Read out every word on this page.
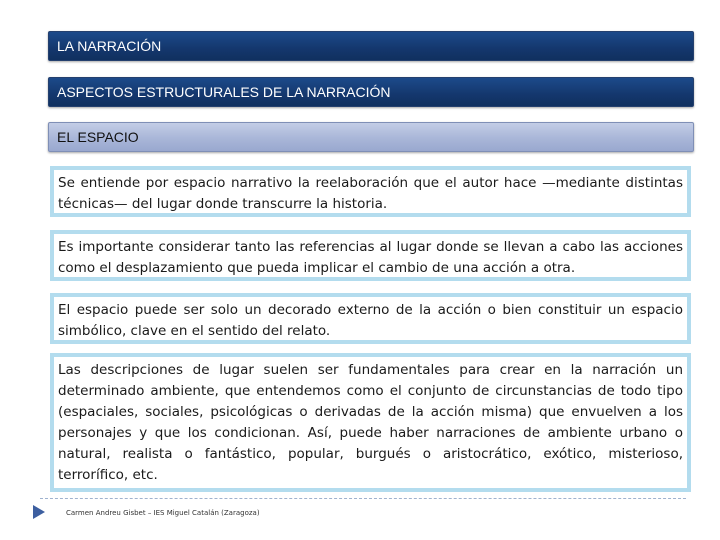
LA NARRACIÓN
ASPECTOS ESTRUCTURALES DE LA NARRACIÓN
EL ESPACIO
Se entiende por espacio narrativo la reelaboración que el autor hace —mediante distintas técnicas— del lugar donde transcurre la historia.
Es importante considerar tanto las referencias al lugar donde se llevan a cabo las acciones como el desplazamiento que pueda implicar el cambio de una acción a otra.
El espacio puede ser solo un decorado externo de la acción o bien constituir un espacio simbólico, clave en el sentido del relato.
Las descripciones de lugar suelen ser fundamentales para crear en la narración un determinado ambiente, que entendemos como el conjunto de circunstancias de todo tipo (espaciales, sociales, psicológicas o derivadas de la acción misma) que envuelven a los personajes y que los condicionan. Así, puede haber narraciones de ambiente urbano o natural, realista o fantástico, popular, burgués o aristocrático, exótico, misterioso, terrorífico, etc.
Carmen Andreu Gisbet – IES Miguel Catalán (Zaragoza)
